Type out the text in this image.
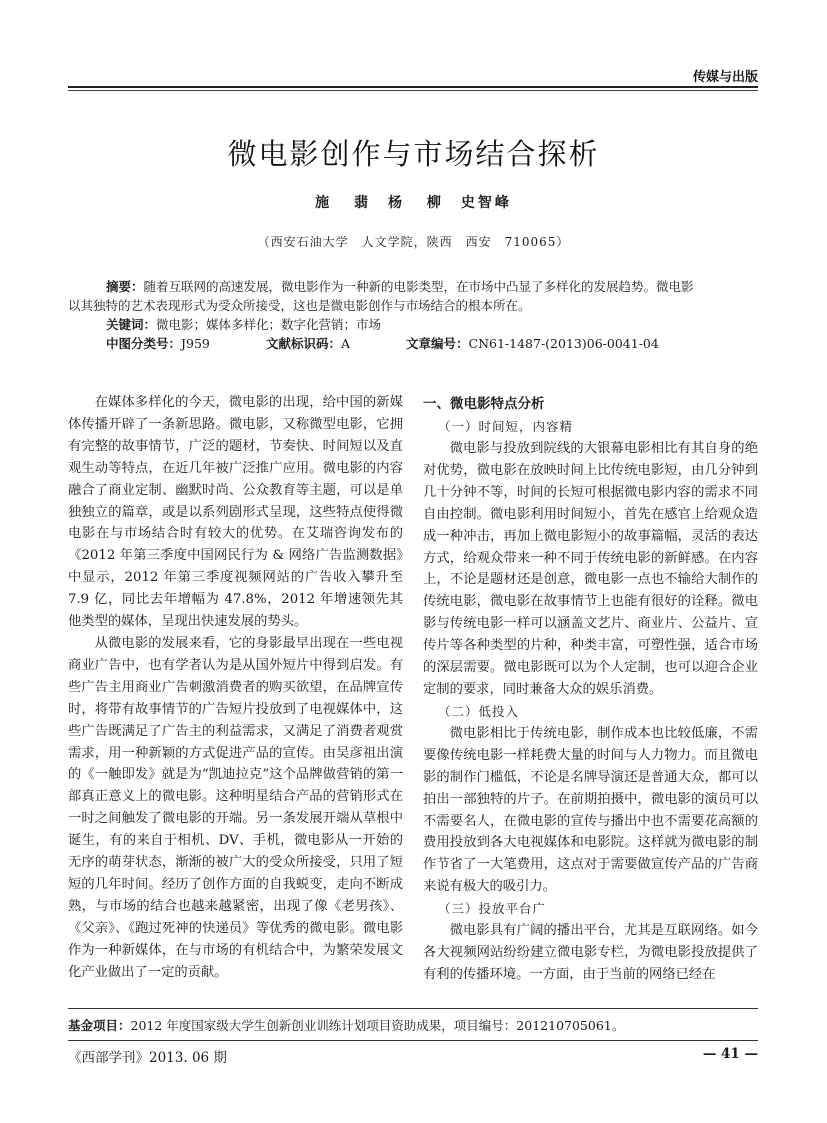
传媒与出版
微电影创作与市场结合探析
施 翡　杨 柳　史智峰
（西安石油大学　人文学院，陕西　西安　710065）

摘要：随着互联网的高速发展，微电影作为一种新的电影类型，在市场中凸显了多样化的发展趋势。微电影

以其独特的艺术表现形式为受众所接受，这也是微电影创作与市场结合的根本所在。

关键词：微电影；媒体多样化；数字化营销；市场

中图分类号：J959	文献标识码：A	文章编号：CN61-1487-(2013)06-0041-04

在媒体多样化的今天，微电影的出现，给中国的新媒体传播开辟了一条新思路。微电影，又称微型电影，它拥有完整的故事情节，广泛的题材，节奏快、时间短以及直观生动等特点，在近几年被广泛推广应用。微电影的内容融合了商业定制、幽默时尚、公众教育等主题，可以是单独独立的篇章，或是以系列剧形式呈现，这些特点使得微电影在与市场结合时有较大的优势。在艾瑞咨询发布的《2012 年第三季度中国网民行为 & 网络广告监测数据》中显示，2012 年第三季度视频网站的广告收入攀升至 7.9 亿，同比去年增幅为 47.8%，2012 年增速领先其他类型的媒体，呈现出快速发展的势头。

从微电影的发展来看，它的身影最早出现在一些电视商业广告中，也有学者认为是从国外短片中得到启发。有些广告主用商业广告刺激消费者的购买欲望，在品牌宣传时，将带有故事情节的广告短片投放到了电视媒体中，这些广告既满足了广告主的利益需求，又满足了消费者观赏需求，用一种新颖的方式促进产品的宣传。由吴彦祖出演的《一触即发》就是为“凯迪拉克”这个品牌做营销的第一部真正意义上的微电影。这种明星结合产品的营销形式在一时之间触发了微电影的开端。另一条发展开端从草根中诞生，有的来自于相机、DV、手机，微电影从一开始的无序的萌芽状态，渐渐的被广大的受众所接受，只用了短短的几年时间。经历了创作方面的自我蜕变，走向不断成熟，与市场的结合也越来越紧密，出现了像《老男孩》、《父亲》、《跑过死神的快递员》等优秀的微电影。微电影作为一种新媒体，在与市场的有机结合中，为繁荣发展文化产业做出了一定的贡献。

一、微电影特点分析
（一）时间短，内容精

微电影与投放到院线的大银幕电影相比有其自身的绝对优势，微电影在放映时间上比传统电影短，由几分钟到几十分钟不等，时间的长短可根据微电影内容的需求不同自由控制。微电影利用时间短小，首先在感官上给观众造成一种冲击，再加上微电影短小的故事篇幅，灵活的表达方式，给观众带来一种不同于传统电影的新鲜感。在内容上，不论是题材还是创意，微电影一点也不输给大制作的传统电影，微电影在故事情节上也能有很好的诠释。微电影与传统电影一样可以涵盖文艺片、商业片、公益片、宣传片等各种类型的片种，种类丰富，可塑性强，适合市场的深层需要。微电影既可以为个人定制，也可以迎合企业定制的要求，同时兼备大众的娱乐消费。

（二）低投入

微电影相比于传统电影，制作成本也比较低廉，不需要像传统电影一样耗费大量的时间与人力物力。而且微电影的制作门槛低，不论是名牌导演还是普通大众，都可以拍出一部独特的片子。在前期拍摄中，微电影的演员可以不需要名人，在微电影的宣传与播出中也不需要花高额的费用投放到各大电视媒体和电影院。这样就为微电影的制作节省了一大笔费用，这点对于需要做宣传产品的广告商来说有极大的吸引力。

（三）投放平台广

微电影具有广阔的播出平台，尤其是互联网络。如今各大视频网站纷纷建立微电影专栏，为微电影投放提供了有利的传播环境。一方面，由于当前的网络已经在

基金项目：2012 年度国家级大学生创新创业训练计划项目资助成果，项目编号：201210705061。
《西部学刊》2013. 06 期	— 41 —
